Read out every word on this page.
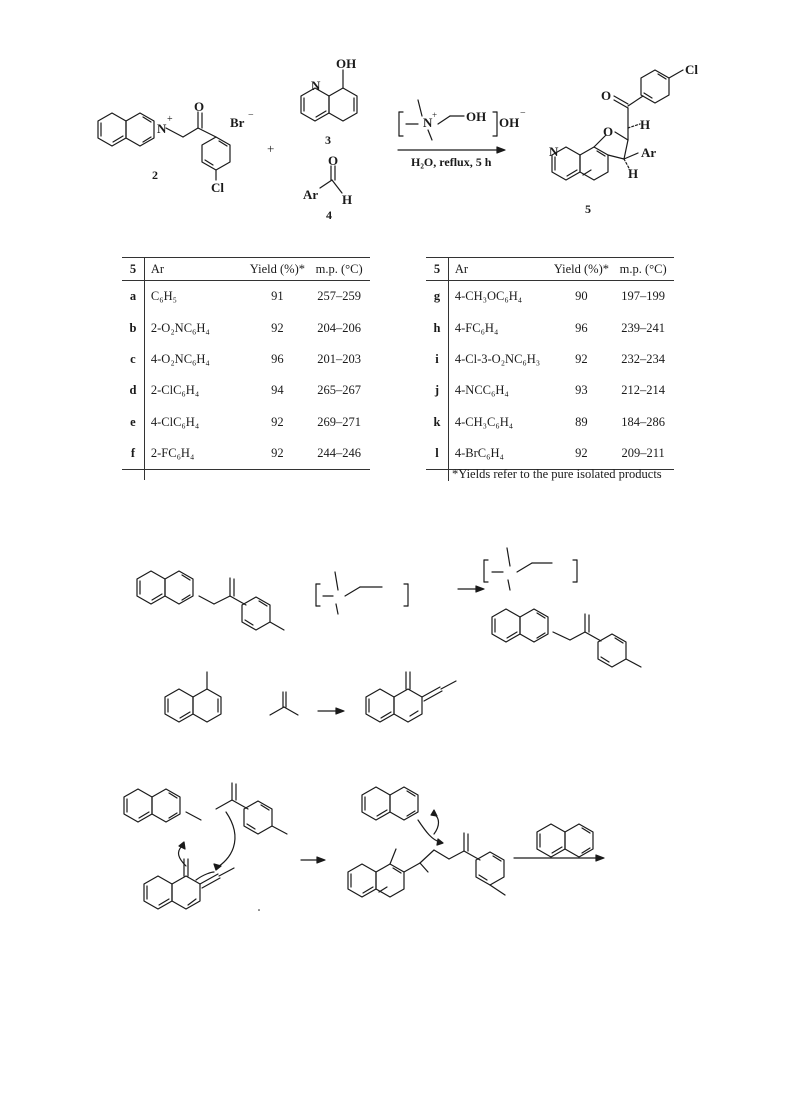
N
+
O
Br −
Cl
2
+
OH
N
3
O
Ar H
4
N + OH OH
−
H₂O, reflux, 5 h
O
Cl
O
N
H
Ar
H
5
5	Ar	Yield (%)*	m.p. (°C)
a	C₆H₅	91	257–259
b	2-O₂NC₆H₄	92	204–206
c	4-O₂NC₆H₄	96	201–203
d	2-ClC₆H₄	94	265–267
e	4-ClC₆H₄	92	269–271
f	2-FC₆H₄	92	244–246
5	Ar	Yield (%)*	m.p. (°C)
g	4-CH₃OC₆H₄	90	197–199
h	4-FC₆H₄	96	239–241
i	4-Cl-3-O₂NC₆H₃	92	232–234
j	4-NCC₆H₄	93	212–214
k	4-CH₃C₆H₄	89	184–286
l	4-BrC₆H₄	92	209–211
*Yields refer to the pure isolated products
